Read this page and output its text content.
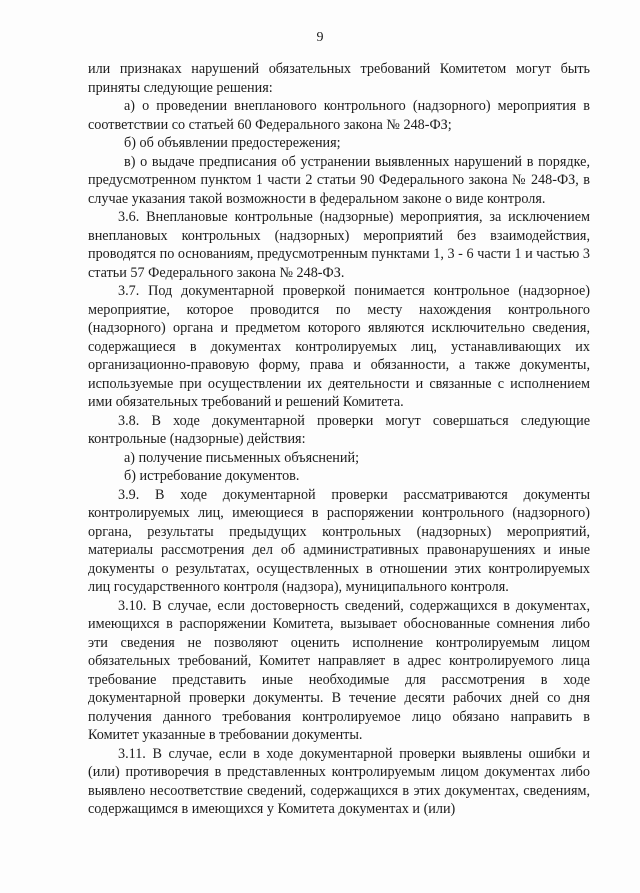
9

или признаках нарушений обязательных требований Комитетом могут быть приняты следующие решения:

а) о проведении внепланового контрольного (надзорного) мероприятия в соответствии со статьей 60 Федерального закона № 248-ФЗ;

б) об объявлении предостережения;

в) о выдаче предписания об устранении выявленных нарушений в порядке, предусмотренном пунктом 1 части 2 статьи 90 Федерального закона № 248-ФЗ, в случае указания такой возможности в федеральном законе о виде контроля.

3.6. Внеплановые контрольные (надзорные) мероприятия, за исключением внеплановых контрольных (надзорных) мероприятий без взаимодействия, проводятся по основаниям, предусмотренным пунктами 1, 3 - 6 части 1 и частью 3 статьи 57 Федерального закона № 248-ФЗ.

3.7. Под документарной проверкой понимается контрольное (надзорное) мероприятие, которое проводится по месту нахождения контрольного (надзорного) органа и предметом которого являются исключительно сведения, содержащиеся в документах контролируемых лиц, устанавливающих их организационно-правовую форму, права и обязанности, а также документы, используемые при осуществлении их деятельности и связанные с исполнением ими обязательных требований и решений Комитета.

3.8. В ходе документарной проверки могут совершаться следующие контрольные (надзорные) действия:

а) получение письменных объяснений;

б) истребование документов.

3.9. В ходе документарной проверки рассматриваются документы контролируемых лиц, имеющиеся в распоряжении контрольного (надзорного) органа, результаты предыдущих контрольных (надзорных) мероприятий, материалы рассмотрения дел об административных правонарушениях и иные документы о результатах, осуществленных в отношении этих контролируемых лиц государственного контроля (надзора), муниципального контроля.

3.10. В случае, если достоверность сведений, содержащихся в документах, имеющихся в распоряжении Комитета, вызывает обоснованные сомнения либо эти сведения не позволяют оценить исполнение контролируемым лицом обязательных требований, Комитет направляет в адрес контролируемого лица требование представить иные необходимые для рассмотрения в ходе документарной проверки документы. В течение десяти рабочих дней со дня получения данного требования контролируемое лицо обязано направить в Комитет указанные в требовании документы.

3.11. В случае, если в ходе документарной проверки выявлены ошибки и (или) противоречия в представленных контролируемым лицом документах либо выявлено несоответствие сведений, содержащихся в этих документах, сведениям, содержащимся в имеющихся у Комитета документах и (или)
